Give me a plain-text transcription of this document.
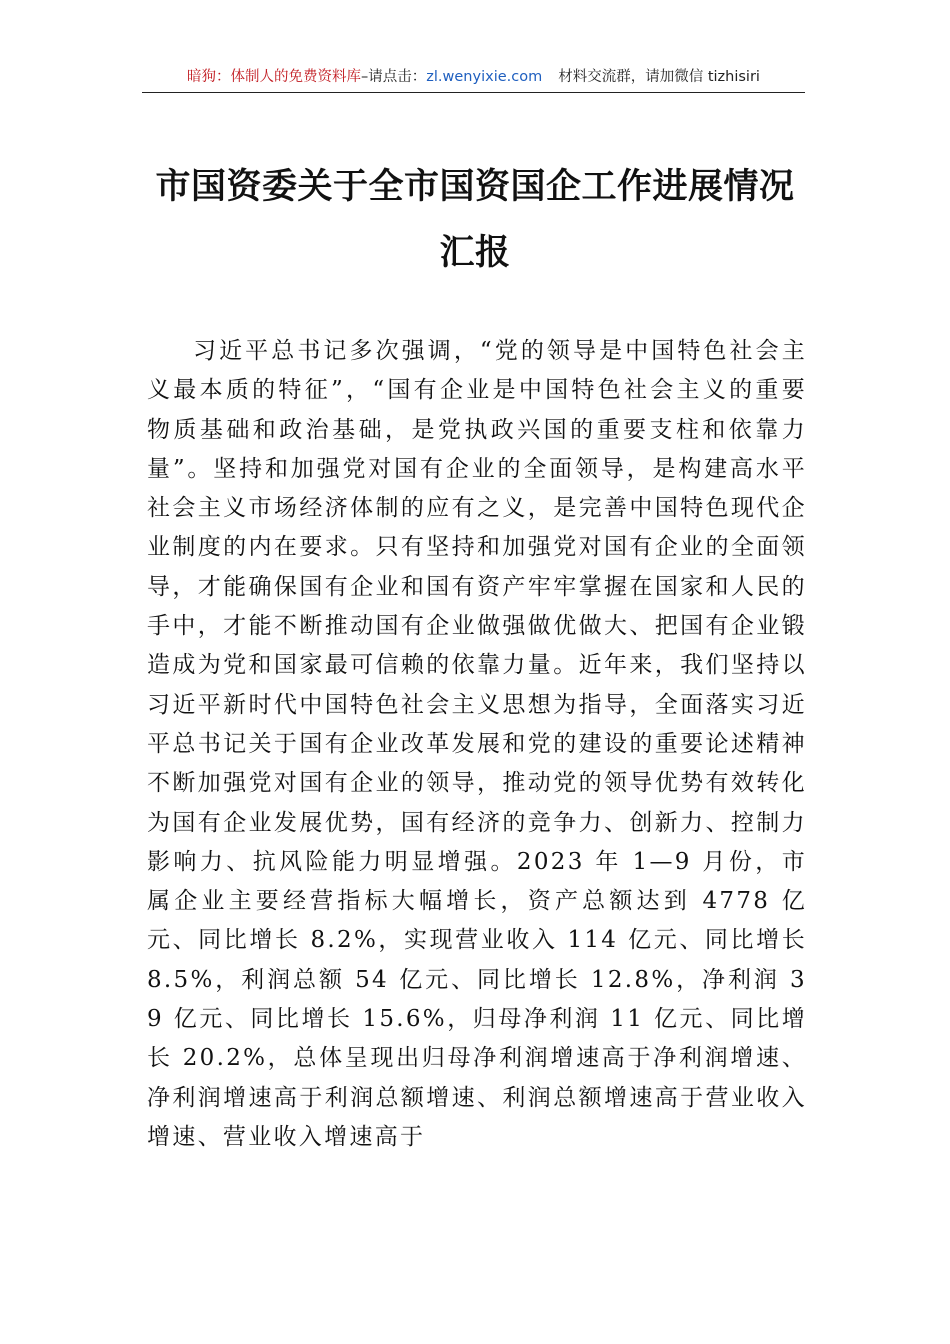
暗狗：体制人的免费资料库–请点击：zl.wenyixie.com 材料交流群，请加微信 tizhisiri
市国资委关于全市国资国企工作进展情况
汇报

习近平总书记多次强调，“党的领导是中国特色社会主义最本质的特征”，“国有企业是中国特色社会主义的重要物质基础和政治基础，是党执政兴国的重要支柱和依靠力量”。坚持和加强党对国有企业的全面领导，是构建高水平社会主义市场经济体制的应有之义，是完善中国特色现代企业制度的内在要求。只有坚持和加强党对国有企业的全面领导，才能确保国有企业和国有资产牢牢掌握在国家和人民的手中，才能不断推动国有企业做强做优做大、把国有企业锻造成为党和国家最可信赖的依靠力量。近年来，我们坚持以习近平新时代中国特色社会主义思想为指导，全面落实习近平总书记关于国有企业改革发展和党的建设的重要论述精神不断加强党对国有企业的领导，推动党的领导优势有效转化为国有企业发展优势，国有经济的竞争力、创新力、控制力影响力、抗风险能力明显增强。2023 年 1—9 月份，市属企业主要经营指标大幅增长，资产总额达到 4778 亿元、同比增长 8.2%，实现营业收入 114 亿元、同比增长 8.5%，利润总额 54 亿元、同比增长 12.8%，净利润 39 亿元、同比增长 15.6%，归母净利润 11 亿元、同比增长 20.2%，总体呈现出归母净利润增速高于净利润增速、净利润增速高于利润总额增速、利润总额增速高于营业收入增速、营业收入增速高于
